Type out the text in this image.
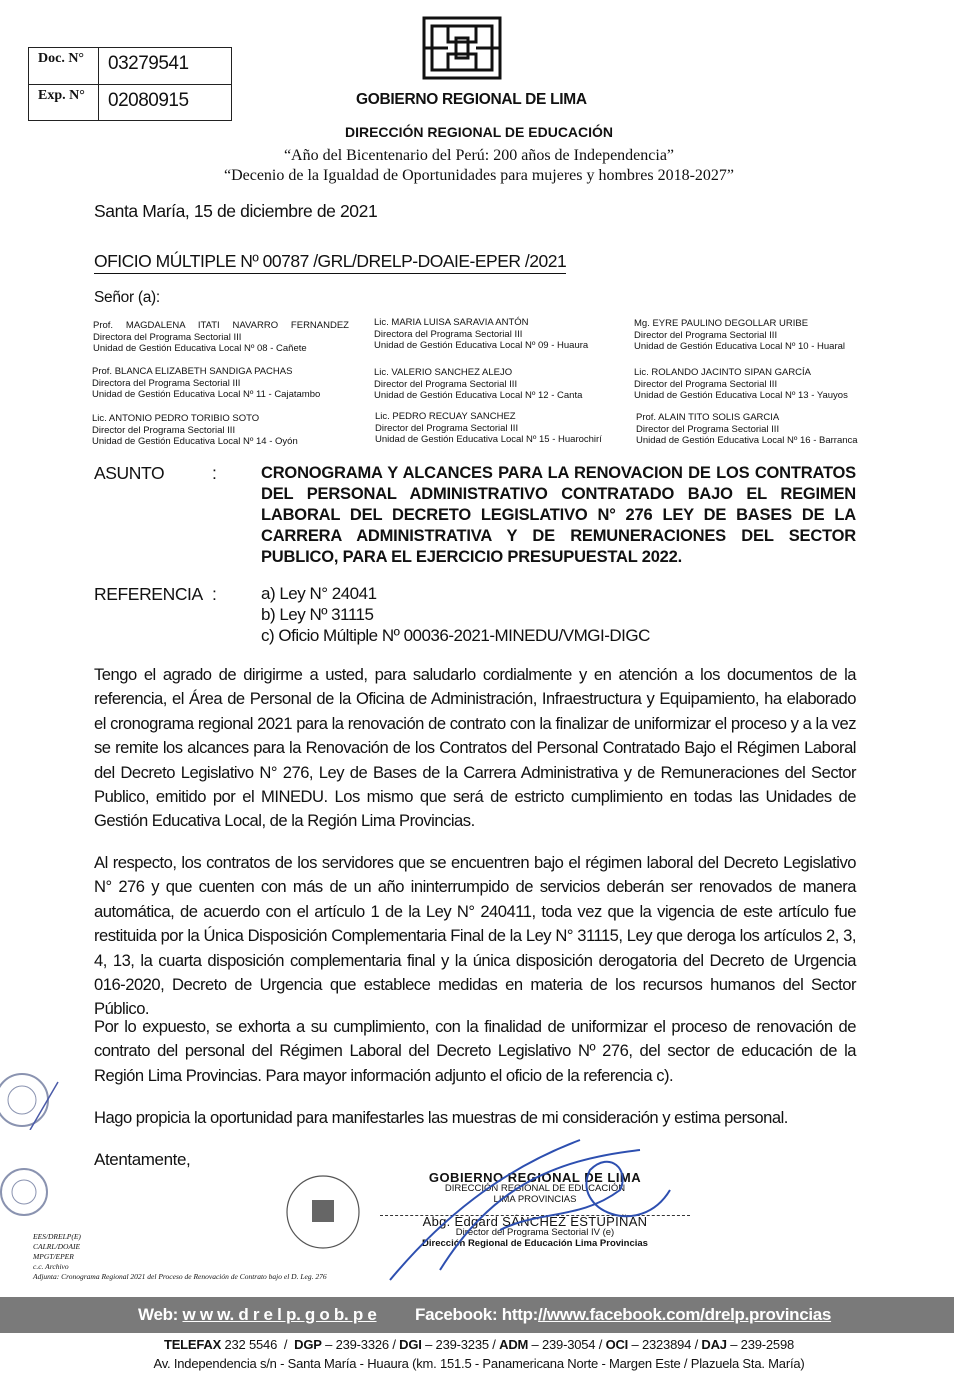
Doc. N°	03279541
Exp. N°	02080915	GOBIERNO REGIONAL DE LIMA
DIRECCIÓN REGIONAL DE EDUCACIÓN
“Año del Bicentenario del Perú: 200 años de Independencia”
“Decenio de la Igualdad de Oportunidades para mujeres y hombres 2018-2027”
Santa María, 15 de diciembre de 2021
OFICIO MÚLTIPLE Nº 00787 /GRL/DRELP-DOAIE-EPER /2021
Señor (a):
Prof. MAGDALENA ITATI NAVARRO FERNANDEZ
Directora del Programa Sectorial III
Unidad de Gestión Educativa Local Nº 08 - Cañete
Lic. MARIA LUISA SARAVIA ANTÓN
Directora del Programa Sectorial III
Unidad de Gestión Educativa Local Nº 09 - Huaura
Mg. EYRE PAULINO DEGOLLAR URIBE
Director del Programa Sectorial III
Unidad de Gestión Educativa Local Nº 10 - Huaral
Prof. BLANCA ELIZABETH SANDIGA PACHAS
Directora del Programa Sectorial III
Unidad de Gestión Educativa Local Nº 11 - Cajatambo
Lic. VALERIO SANCHEZ ALEJO
Director del Programa Sectorial III
Unidad de Gestión Educativa Local Nº 12 - Canta
Lic. ROLANDO JACINTO SIPAN GARCÍA
Director del Programa Sectorial III
Unidad de Gestión Educativa Local Nº 13 - Yauyos
Lic. ANTONIO PEDRO TORIBIO SOTO
Director del Programa Sectorial III
Unidad de Gestión Educativa Local Nº 14 - Oyón
Lic. PEDRO RECUAY SANCHEZ
Director del Programa Sectorial III
Unidad de Gestión Educativa Local Nº 15 - Huarochirí
Prof. ALAIN TITO SOLIS GARCIA
Director del Programa Sectorial III
Unidad de Gestión Educativa Local Nº 16 - Barranca
ASUNTO	:	CRONOGRAMA Y ALCANCES PARA LA RENOVACION DE LOS CONTRATOS DEL PERSONAL ADMINISTRATIVO CONTRATADO BAJO EL REGIMEN LABORAL DEL DECRETO LEGISLATIVO N° 276 LEY DE BASES DE LA CARRERA ADMINISTRATIVA Y DE REMUNERACIONES DEL SECTOR PUBLICO, PARA EL EJERCICIO PRESUPUESTAL 2022.
REFERENCIA :	a) Ley N° 24041
b) Ley Nº 31115
c) Oficio Múltiple Nº 00036-2021-MINEDU/VMGI-DIGC
Tengo el agrado de dirigirme a usted, para saludarlo cordialmente y en atención a los documentos de la referencia, el Área de Personal de la Oficina de Administración, Infraestructura y Equipamiento, ha elaborado el cronograma regional 2021 para la renovación de contrato con la finalizar de uniformizar el proceso y a la vez se remite los alcances para la Renovación de los Contratos del Personal Contratado Bajo el Régimen Laboral del Decreto Legislativo N° 276, Ley de Bases de la Carrera Administrativa y de Remuneraciones del Sector Publico, emitido por el MINEDU. Los mismo que será de estricto cumplimiento en todas las Unidades de Gestión Educativa Local, de la Región Lima Provincias.
Al respecto, los contratos de los servidores que se encuentren bajo el régimen laboral del Decreto Legislativo N° 276 y que cuenten con más de un año ininterrumpido de servicios deberán ser renovados de manera automática, de acuerdo con el artículo 1 de la Ley N° 240411, toda vez que la vigencia de este artículo fue restituida por la Única Disposición Complementaria Final de la Ley N° 31115, Ley que deroga los artículos 2, 3, 4, 13, la cuarta disposición complementaria final y la única disposición derogatoria del Decreto de Urgencia 016-2020, Decreto de Urgencia que establece medidas en materia de los recursos humanos del Sector Público.
Por lo expuesto, se exhorta a su cumplimiento, con la finalidad de uniformizar el proceso de renovación de contrato del personal del Régimen Laboral del Decreto Legislativo Nº 276, del sector de educación de la Región Lima Provincias. Para mayor información adjunto el oficio de la referencia c).
Hago propicia la oportunidad para manifestarles las muestras de mi consideración y estima personal.
Atentamente,
EES/DRELP(E)
CALRL/DOAIE
MPGT/EPER
c.c. Archivo
Adjunta: Cronograma Regional 2021 del Proceso de Renovación de Contrato bajo el D. Leg. 276
GOBIERNO REGIONAL DE LIMA
DIRECCIÓN REGIONAL DE EDUCACIÓN
LIMA PROVINCIAS
Abg. Edgard SÁNCHEZ ESTUPIÑAN
Director del Programa Sectorial IV (e)
Dirección Regional de Educación Lima Provincias
Web: w w w. d r e l p. g o b. p e Facebook: http://www.facebook.com/drelp.provincias
TELEFAX 232 5546  /  DGP – 239-3326 / DGI – 239-3235 / ADM – 239-3054 / OCI – 2323894 / DAJ – 239-2598
Av. Independencia s/n - Santa María - Huaura (km. 151.5 - Panamericana Norte - Margen Este / Plazuela Sta. María)
